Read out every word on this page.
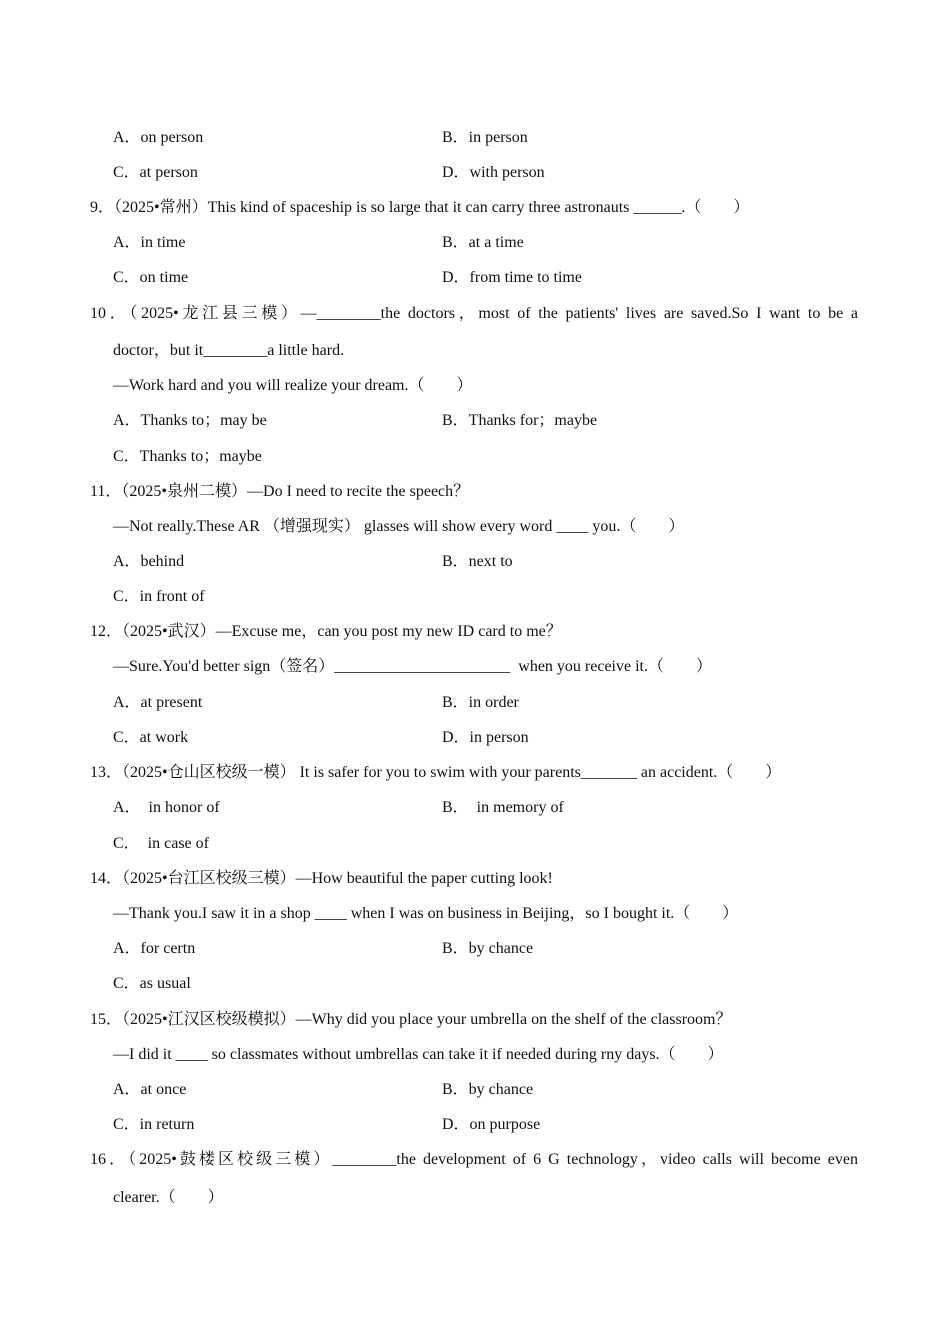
A．on person	B．in person
C．at person	D．with person
9．（2025•常州）This kind of spaceship is so large that it can carry three astronauts ______.（　　）
A．in time	B．at a time
C．on time	D．from time to time
10．（2025•龙江县三模）—________the doctors，most of the patients' lives are saved.So I want to be a
doctor，but it________a little hard.
—Work hard and you will realize your dream.（　　）
A．Thanks to；may be	B．Thanks for；maybe
C．Thanks to；maybe
11．（2025•泉州二模）—Do I need to recite the speech？
—Not really.These AR （增强现实） glasses will show every word ____ you.（　　）
A．behind	B．next to
C．in front of
12．（2025•武汉）—Excuse me，can you post my new ID card to me？
—Sure.You'd better sign（签名）______________________  when you receive it.（　　）
A．at present	B．in order
C．at work	D．in person
13．（2025•仓山区校级一模） It is safer for you to swim with your parents_______ an accident.（　　）
A．  in honor of	B．  in memory of
C．  in case of
14．（2025•台江区校级三模）—How beautiful the paper cutting look!
—Thank you.I saw it in a shop ____ when I was on business in Beijing，so I bought it.（　　）
A．for certn	B．by chance
C．as usual
15．（2025•江汉区校级模拟）—Why did you place your umbrella on the shelf of the classroom？
—I did it ____ so classmates without umbrellas can take it if needed during rny days.（　　）
A．at once	B．by chance
C．in return	D．on purpose
16．（2025•鼓楼区校级三模）________the development of 6 G technology，video calls will become even
clearer.（　　）
